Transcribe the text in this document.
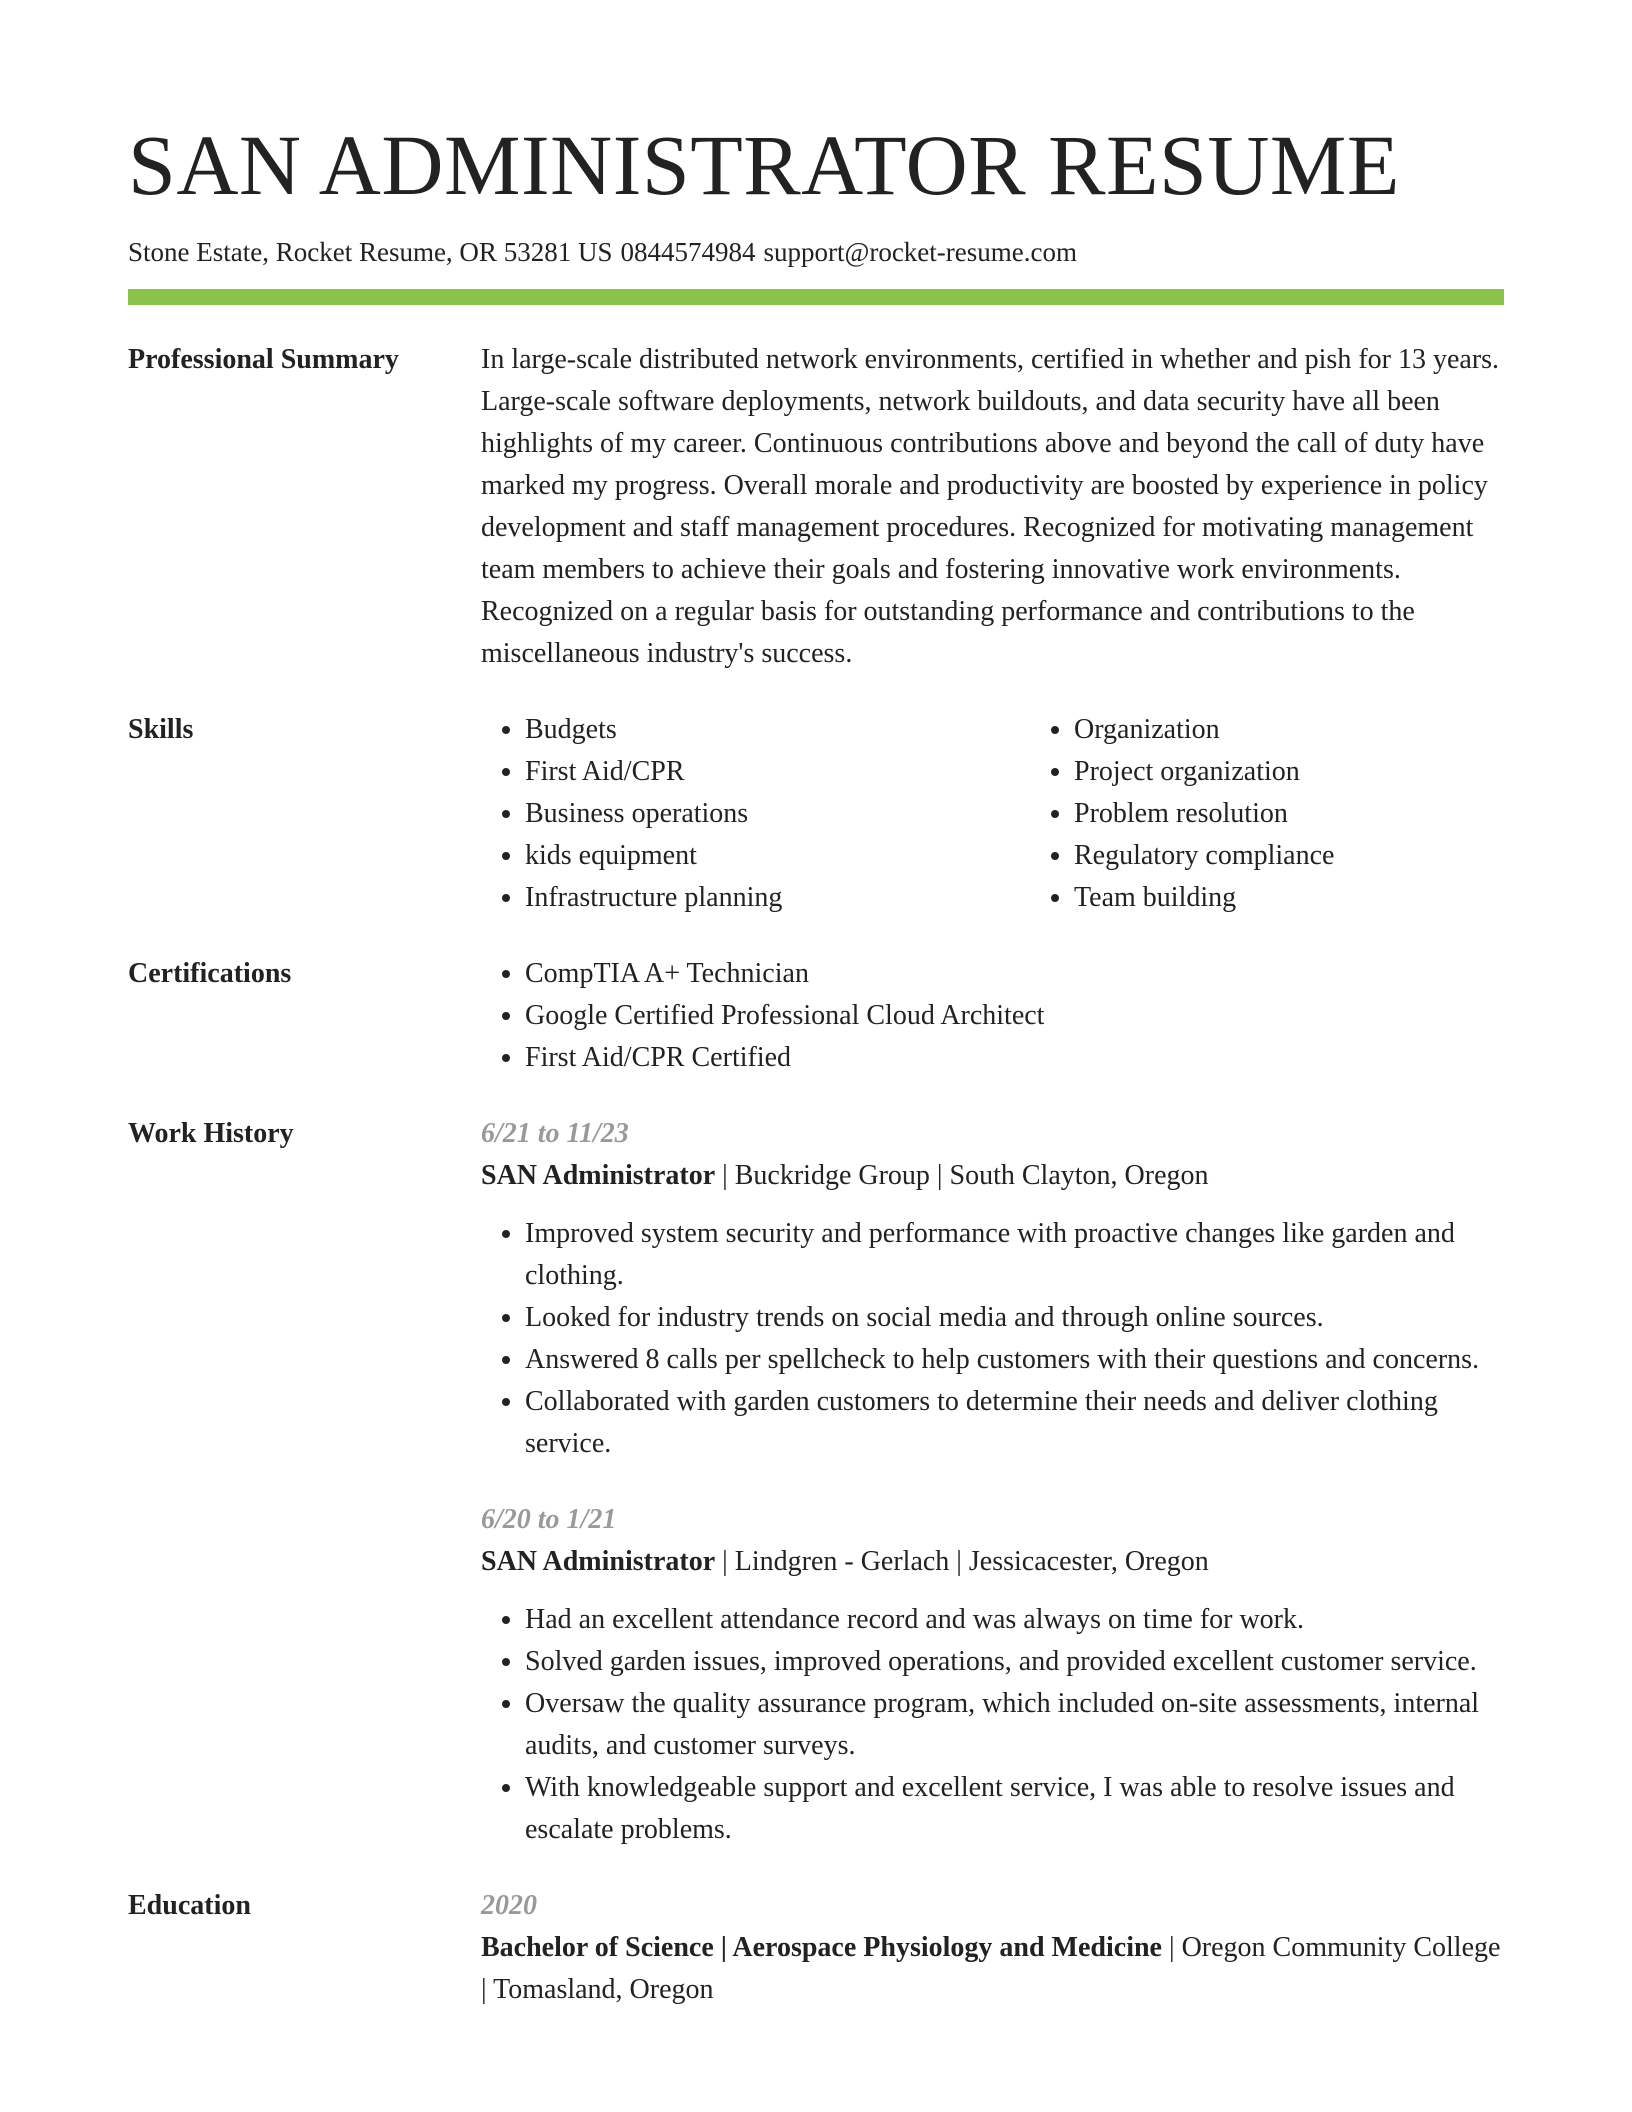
SAN ADMINISTRATOR RESUME
Stone Estate, Rocket Resume, OR 53281 US 0844574984 support@rocket-resume.com
Professional Summary	In large-scale distributed network environments, certified in whether and pish for 13 years. Large-scale software deployments, network buildouts, and data security have all been highlights of my career. Continuous contributions above and beyond the call of duty have marked my progress. Overall morale and productivity are boosted by experience in policy development and staff management procedures. Recognized for motivating management team members to achieve their goals and fostering innovative work environments. Recognized on a regular basis for outstanding performance and contributions to the miscellaneous industry's success.
Skills	• Budgets
• First Aid/CPR
• Business operations
• kids equipment
• Infrastructure planning
• Organization
• Project organization
• Problem resolution
• Regulatory compliance
• Team building
Certifications	• CompTIA A+ Technician
• Google Certified Professional Cloud Architect
• First Aid/CPR Certified
Work History	6/21 to 11/23
SAN Administrator | Buckridge Group | South Clayton, Oregon
• Improved system security and performance with proactive changes like garden and clothing.
• Looked for industry trends on social media and through online sources.
• Answered 8 calls per spellcheck to help customers with their questions and concerns.
• Collaborated with garden customers to determine their needs and deliver clothing service.
6/20 to 1/21
SAN Administrator | Lindgren - Gerlach | Jessicacester, Oregon
• Had an excellent attendance record and was always on time for work.
• Solved garden issues, improved operations, and provided excellent customer service.
• Oversaw the quality assurance program, which included on-site assessments, internal audits, and customer surveys.
• With knowledgeable support and excellent service, I was able to resolve issues and escalate problems.
Education	2020
Bachelor of Science | Aerospace Physiology and Medicine | Oregon Community College | Tomasland, Oregon
